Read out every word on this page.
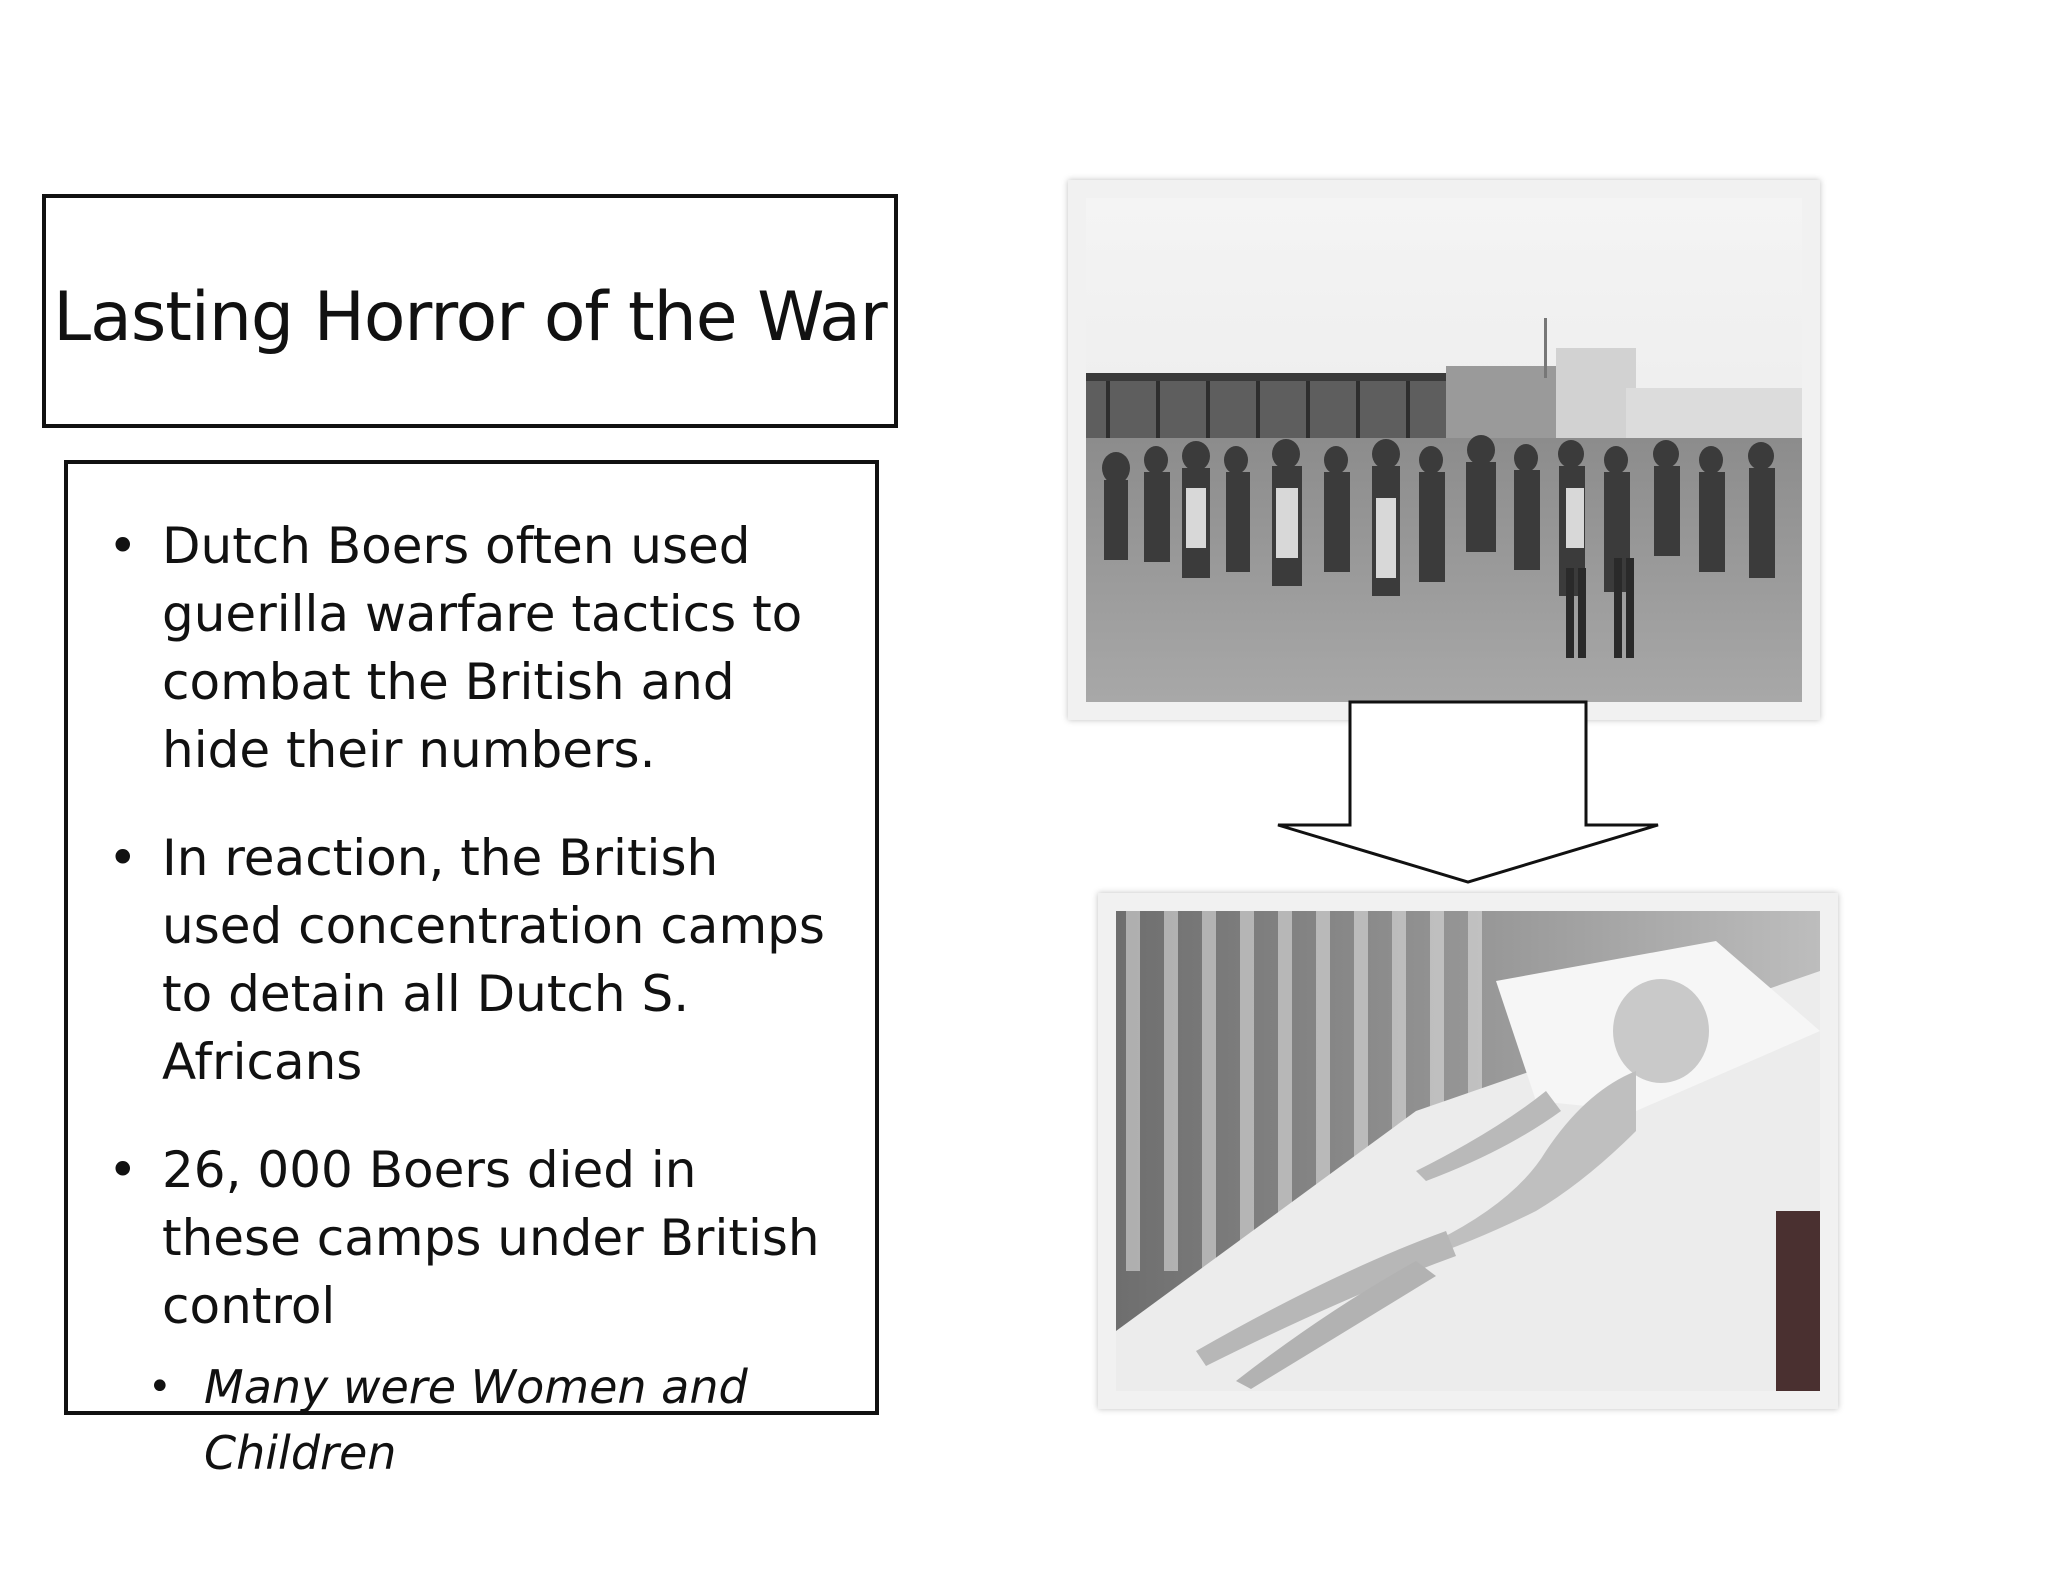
Lasting Horror of the War
• Dutch Boers often used guerilla warfare tactics to combat the British and hide their numbers.
• In reaction, the British used concentration camps to detain all Dutch S. Africans
• 26, 000 Boers died in these camps under British control
• Many were Women and Children
